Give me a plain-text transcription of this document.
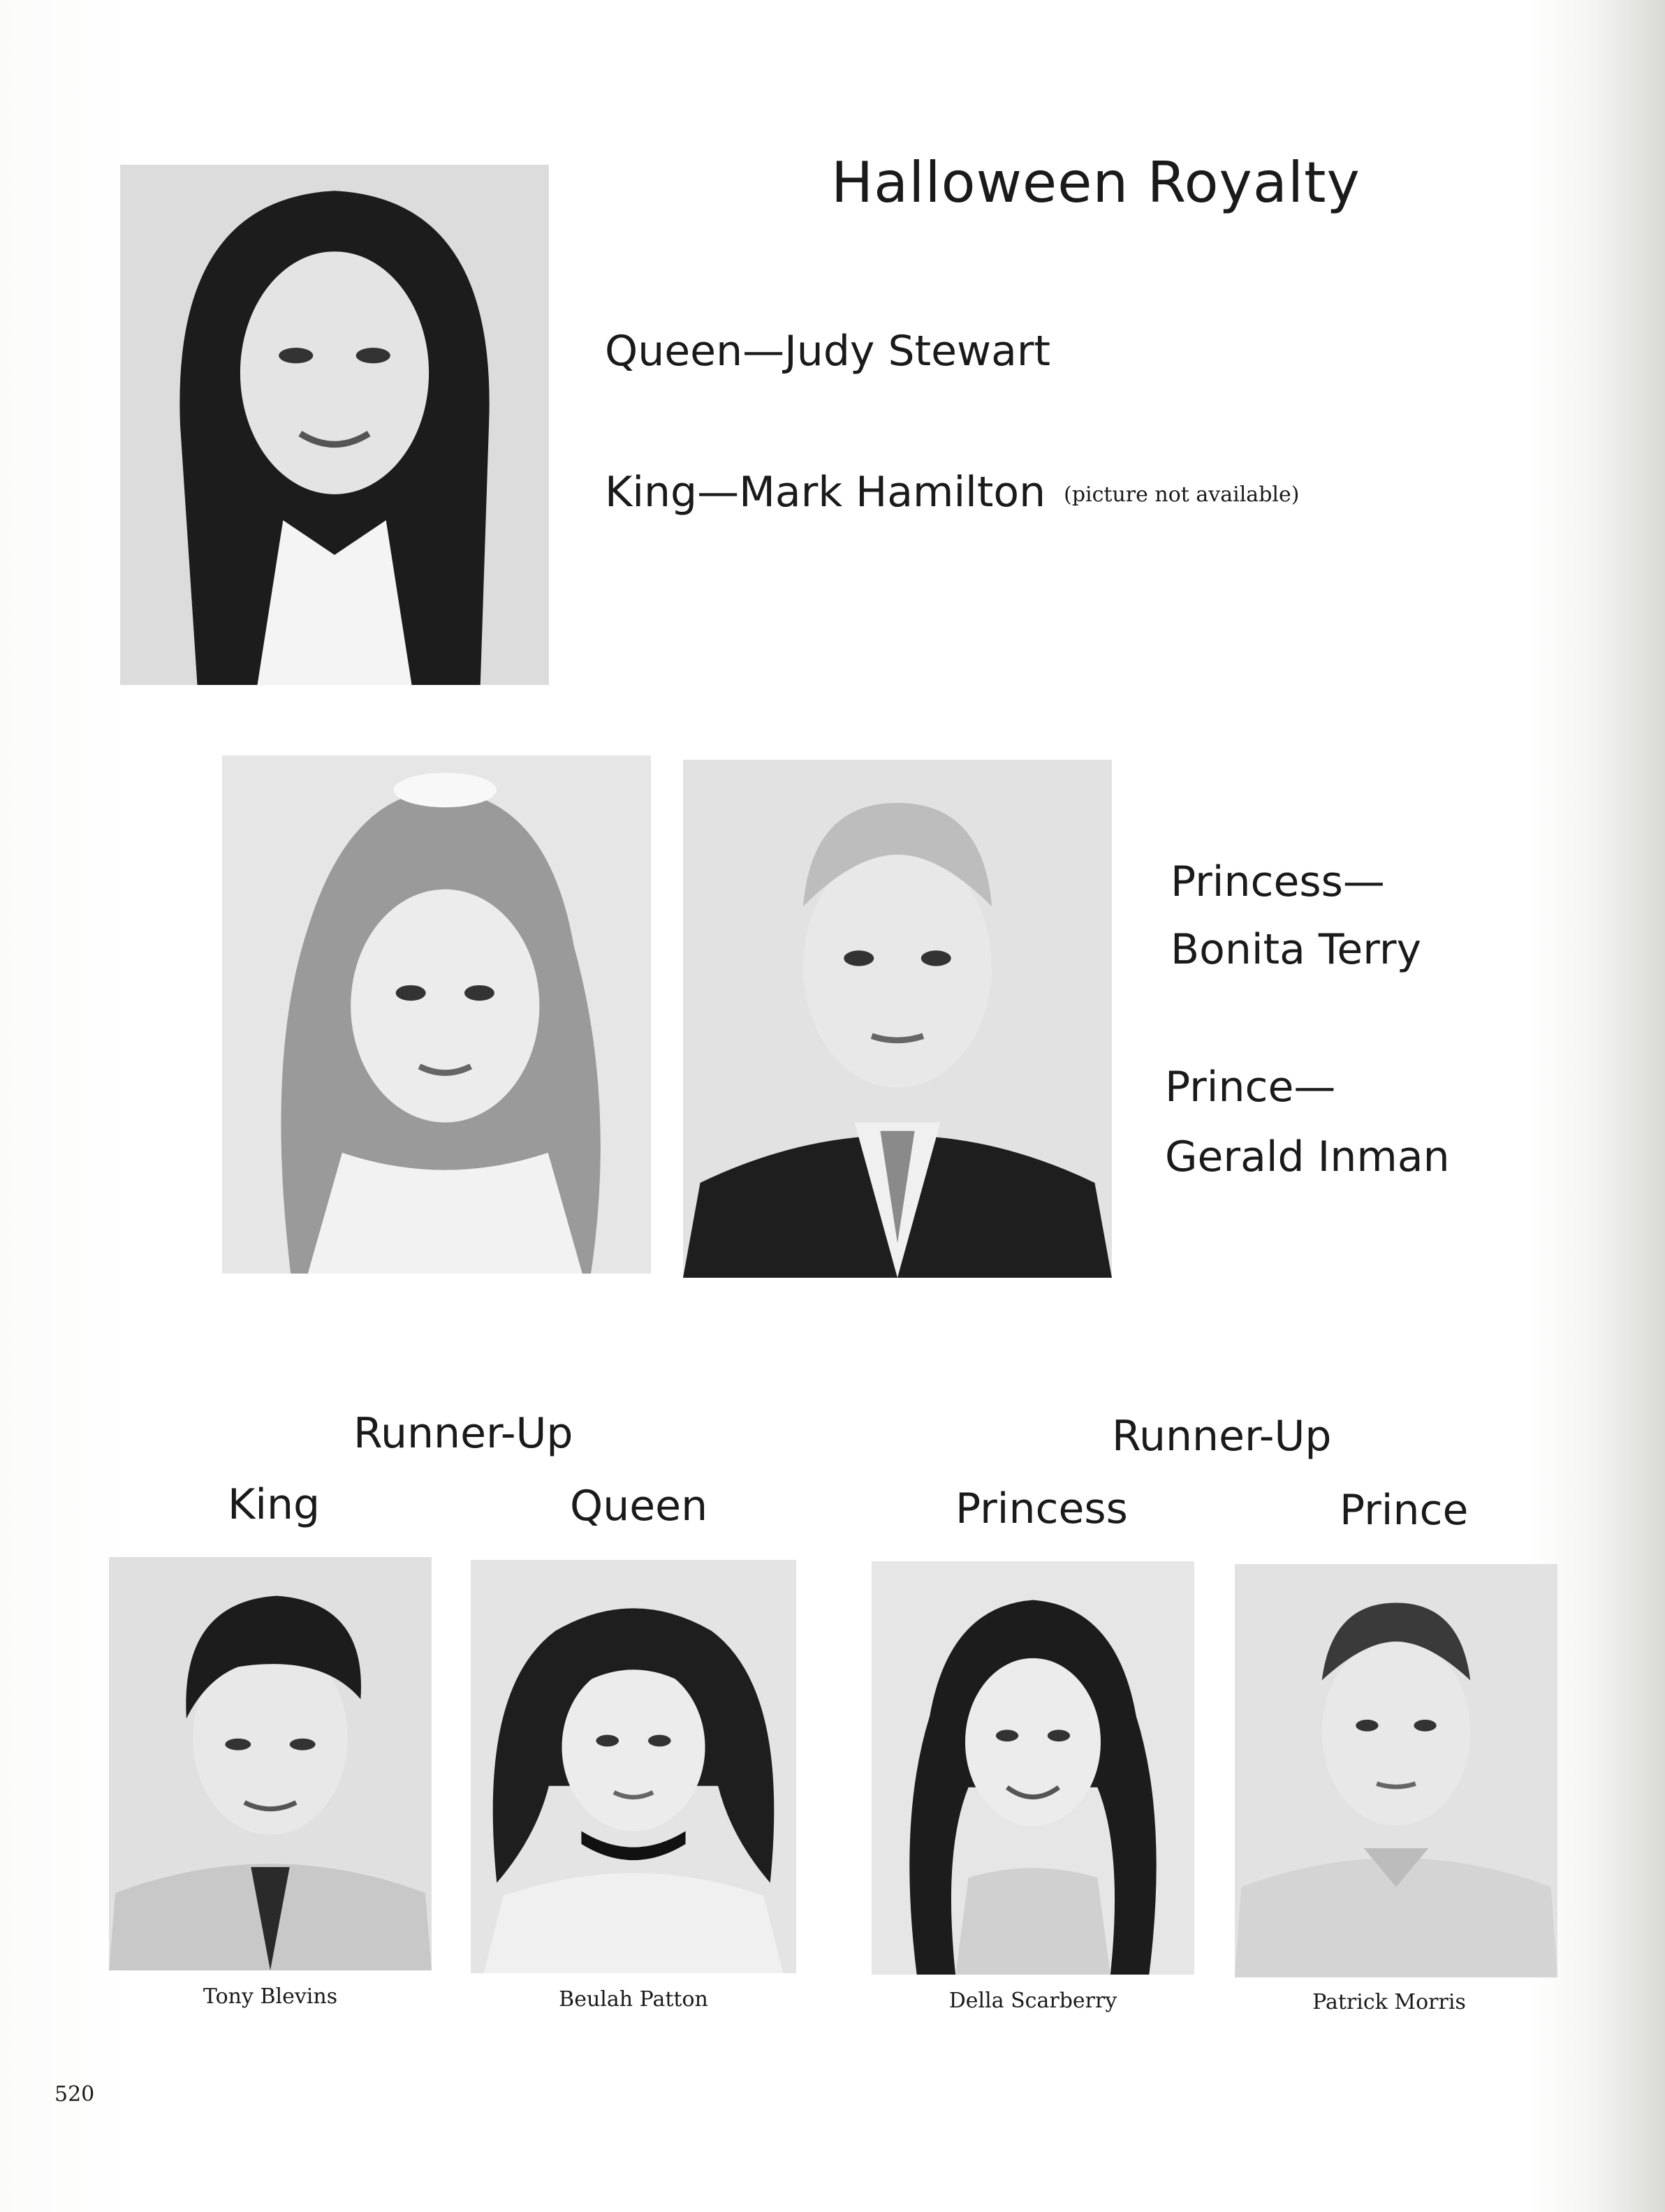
Halloween Royalty
Queen—Judy Stewart
King—Mark Hamilton (picture not available)
Princess—
Bonita Terry
Prince—
Gerald Inman
Runner-Up	Runner-Up
King	Queen	Princess	Prince
Tony Blevins	Beulah Patton	Della Scarberry	Patrick Morris
520
